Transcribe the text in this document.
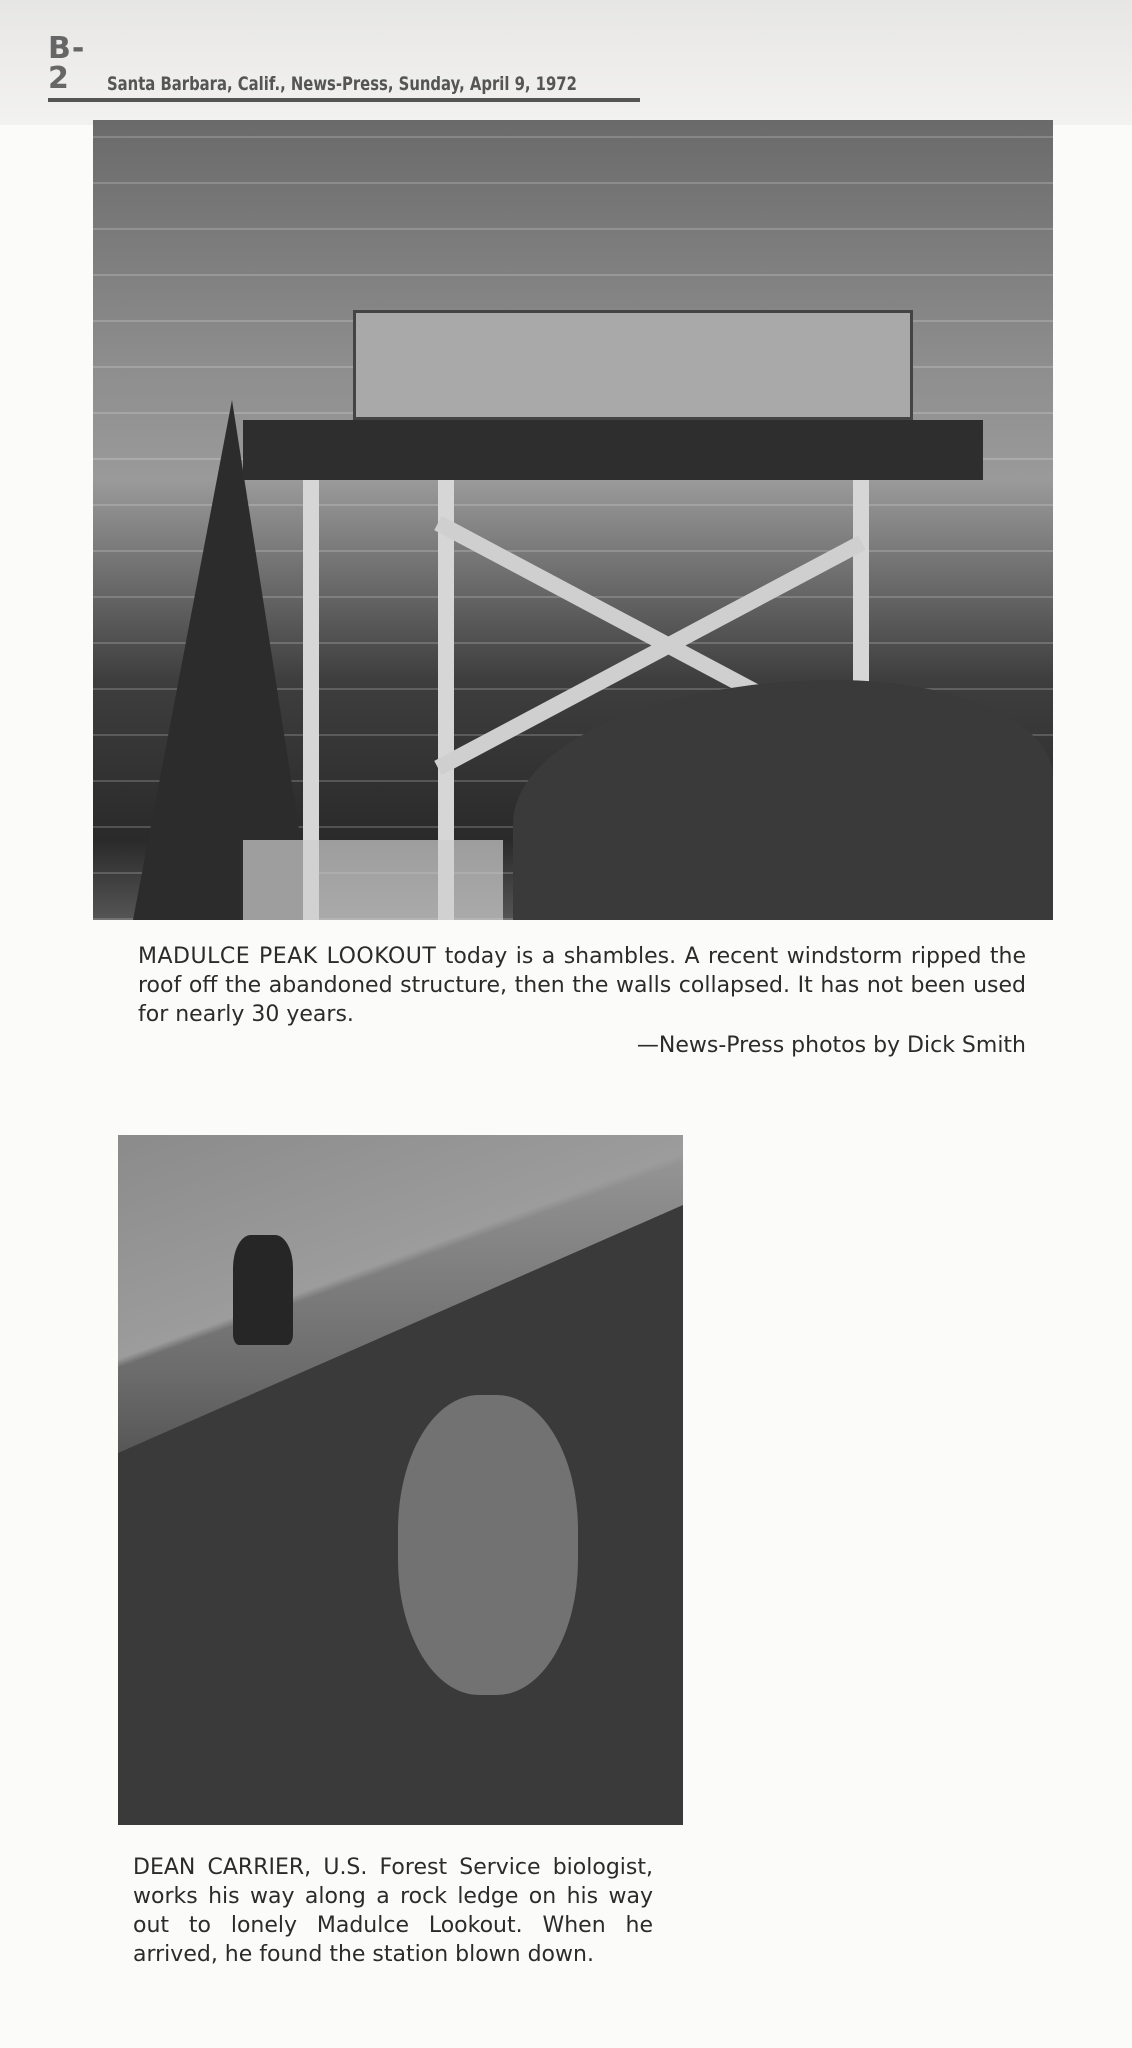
B-2	Santa Barbara, Calif., News-Press, Sunday, April 9, 1972
MADULCE PEAK LOOKOUT today is a shambles. A recent windstorm ripped the roof off the abandoned structure, then the walls collapsed. It has not been used for nearly 30 years.
—News-Press photos by Dick Smith
DEAN CARRIER, U.S. Forest Service biologist, works his way along a rock ledge on his way out to lonely Madulce Lookout. When he arrived, he found the station blown down.
